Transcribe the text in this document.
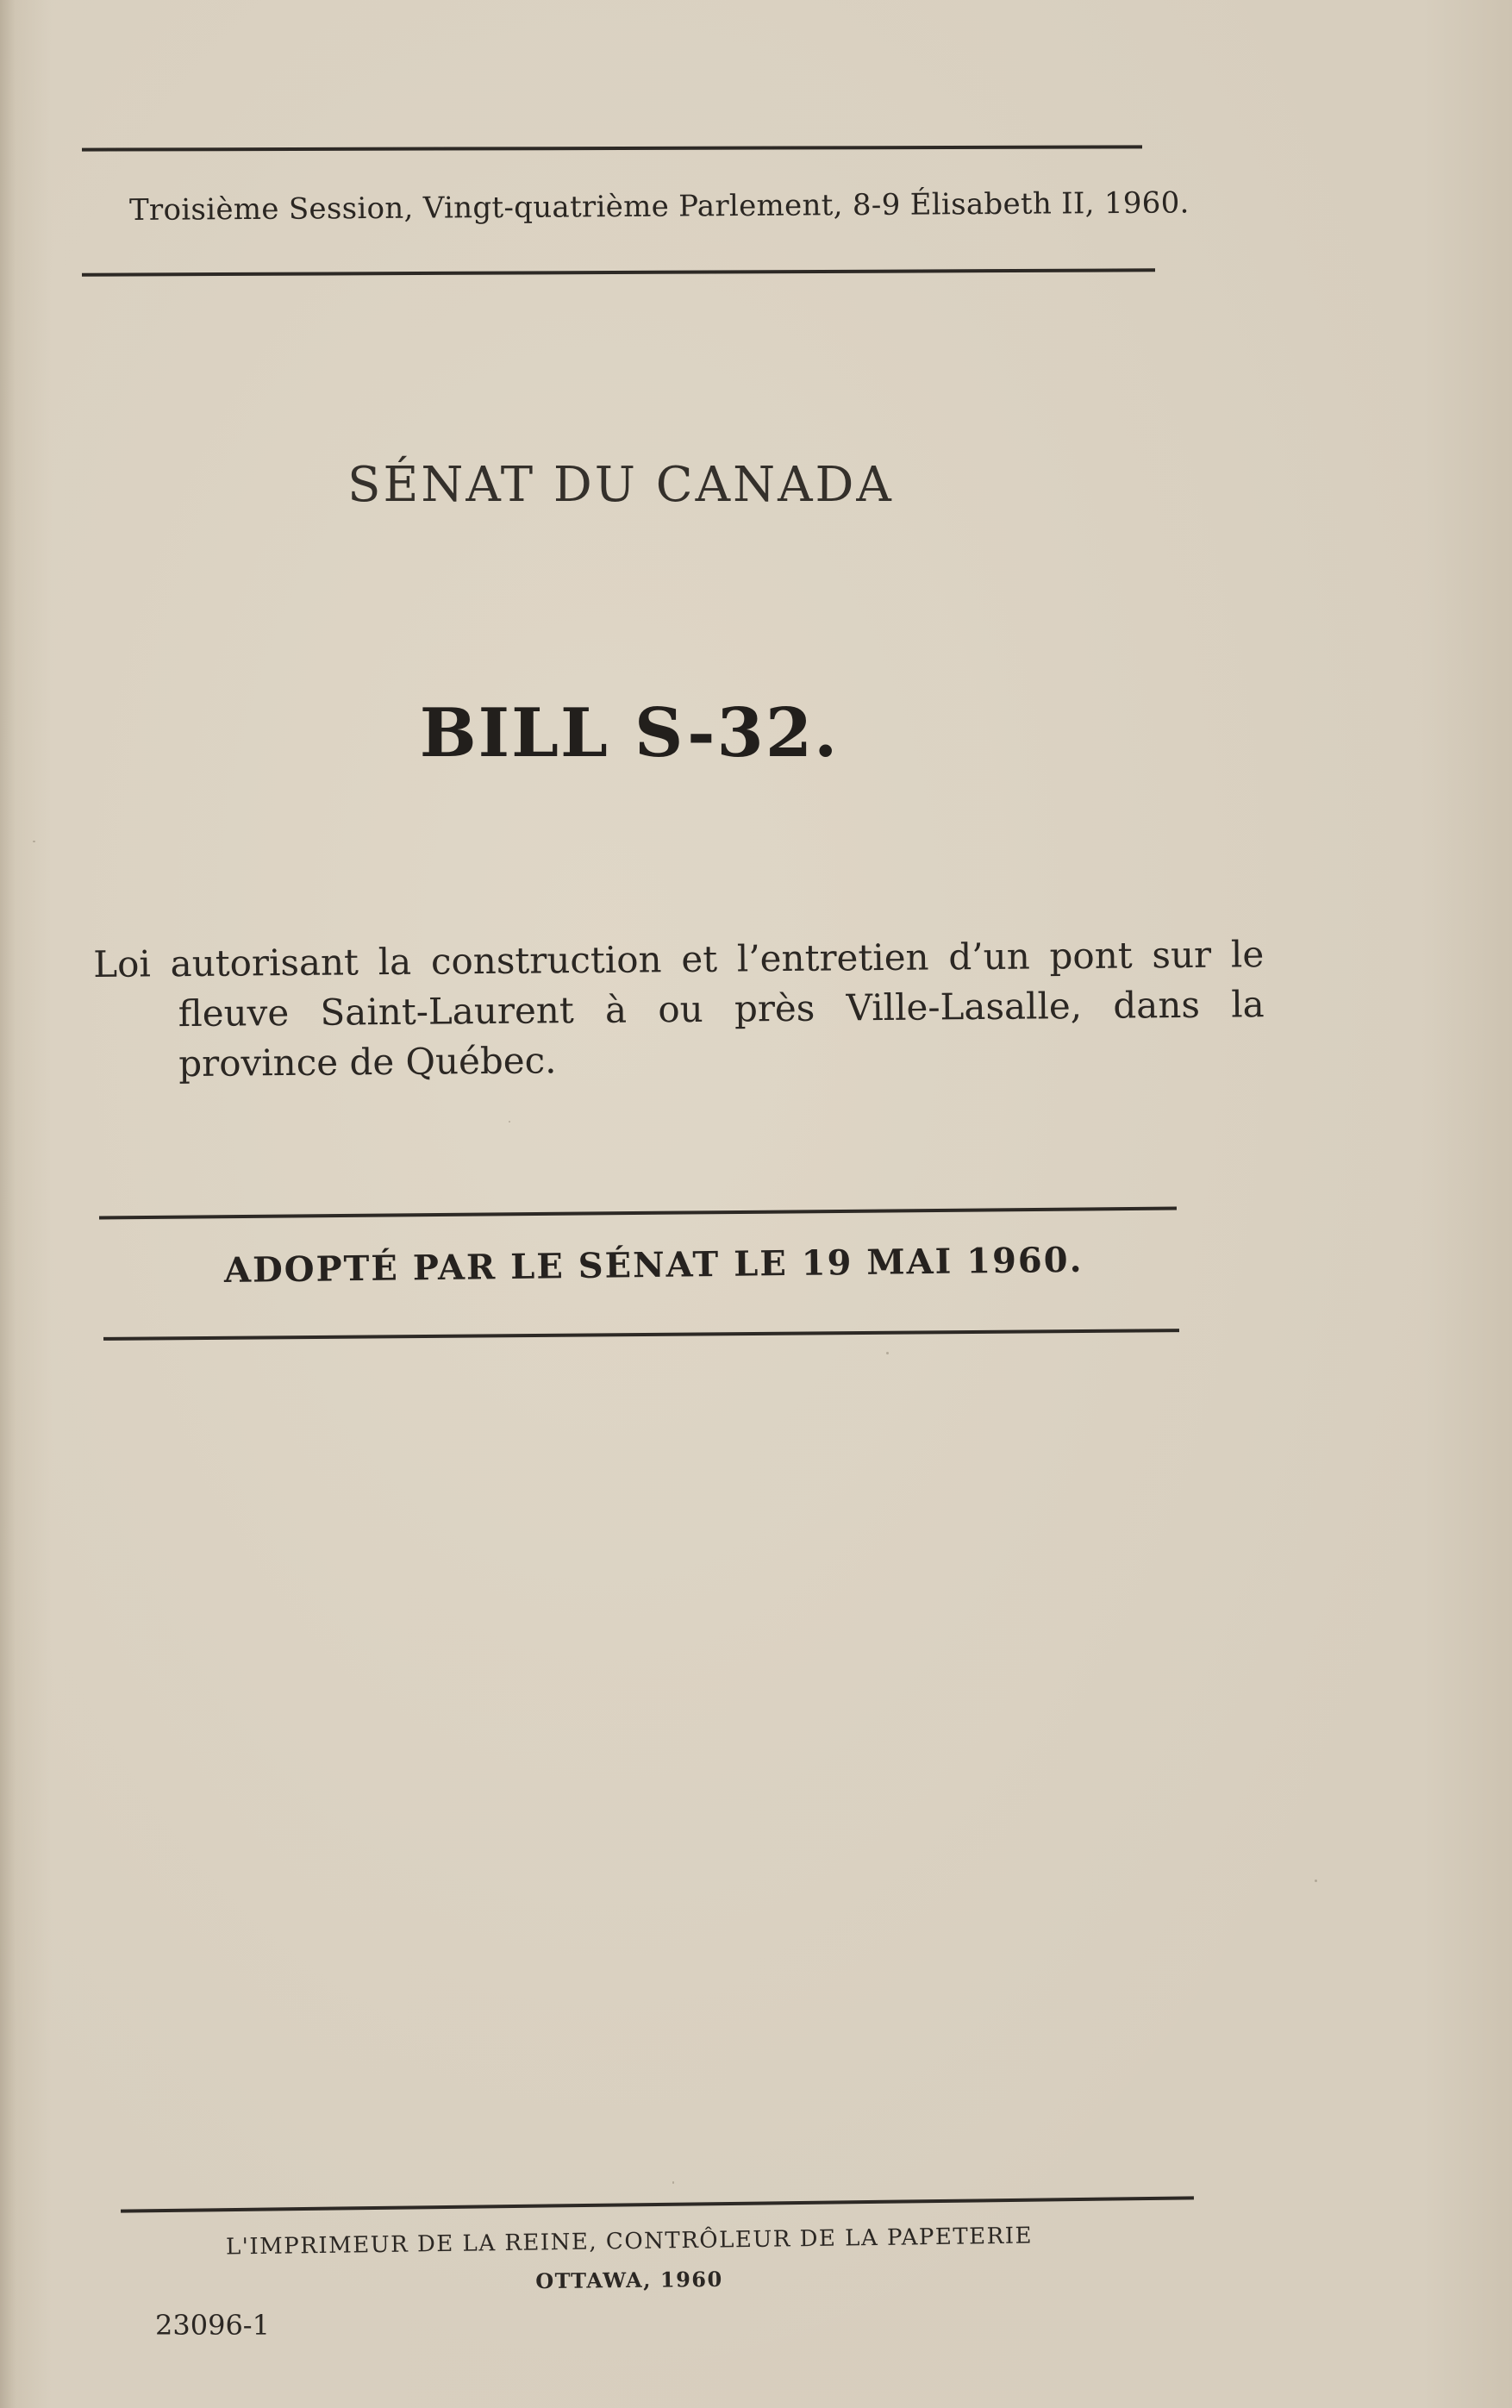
Troisième Session, Vingt-quatrième Parlement, 8-9 Élisabeth II, 1960.
SÉNAT DU CANADA
BILL S-32.
Loi autorisant la construction et l’entretien d’un pont sur le fleuve Saint-Laurent à ou près Ville-Lasalle, dans la province de Québec.
ADOPTÉ PAR LE SÉNAT LE 19 MAI 1960.
L'IMPRIMEUR DE LA REINE, CONTRÔLEUR DE LA PAPETERIE
OTTAWA, 1960
23096-1
